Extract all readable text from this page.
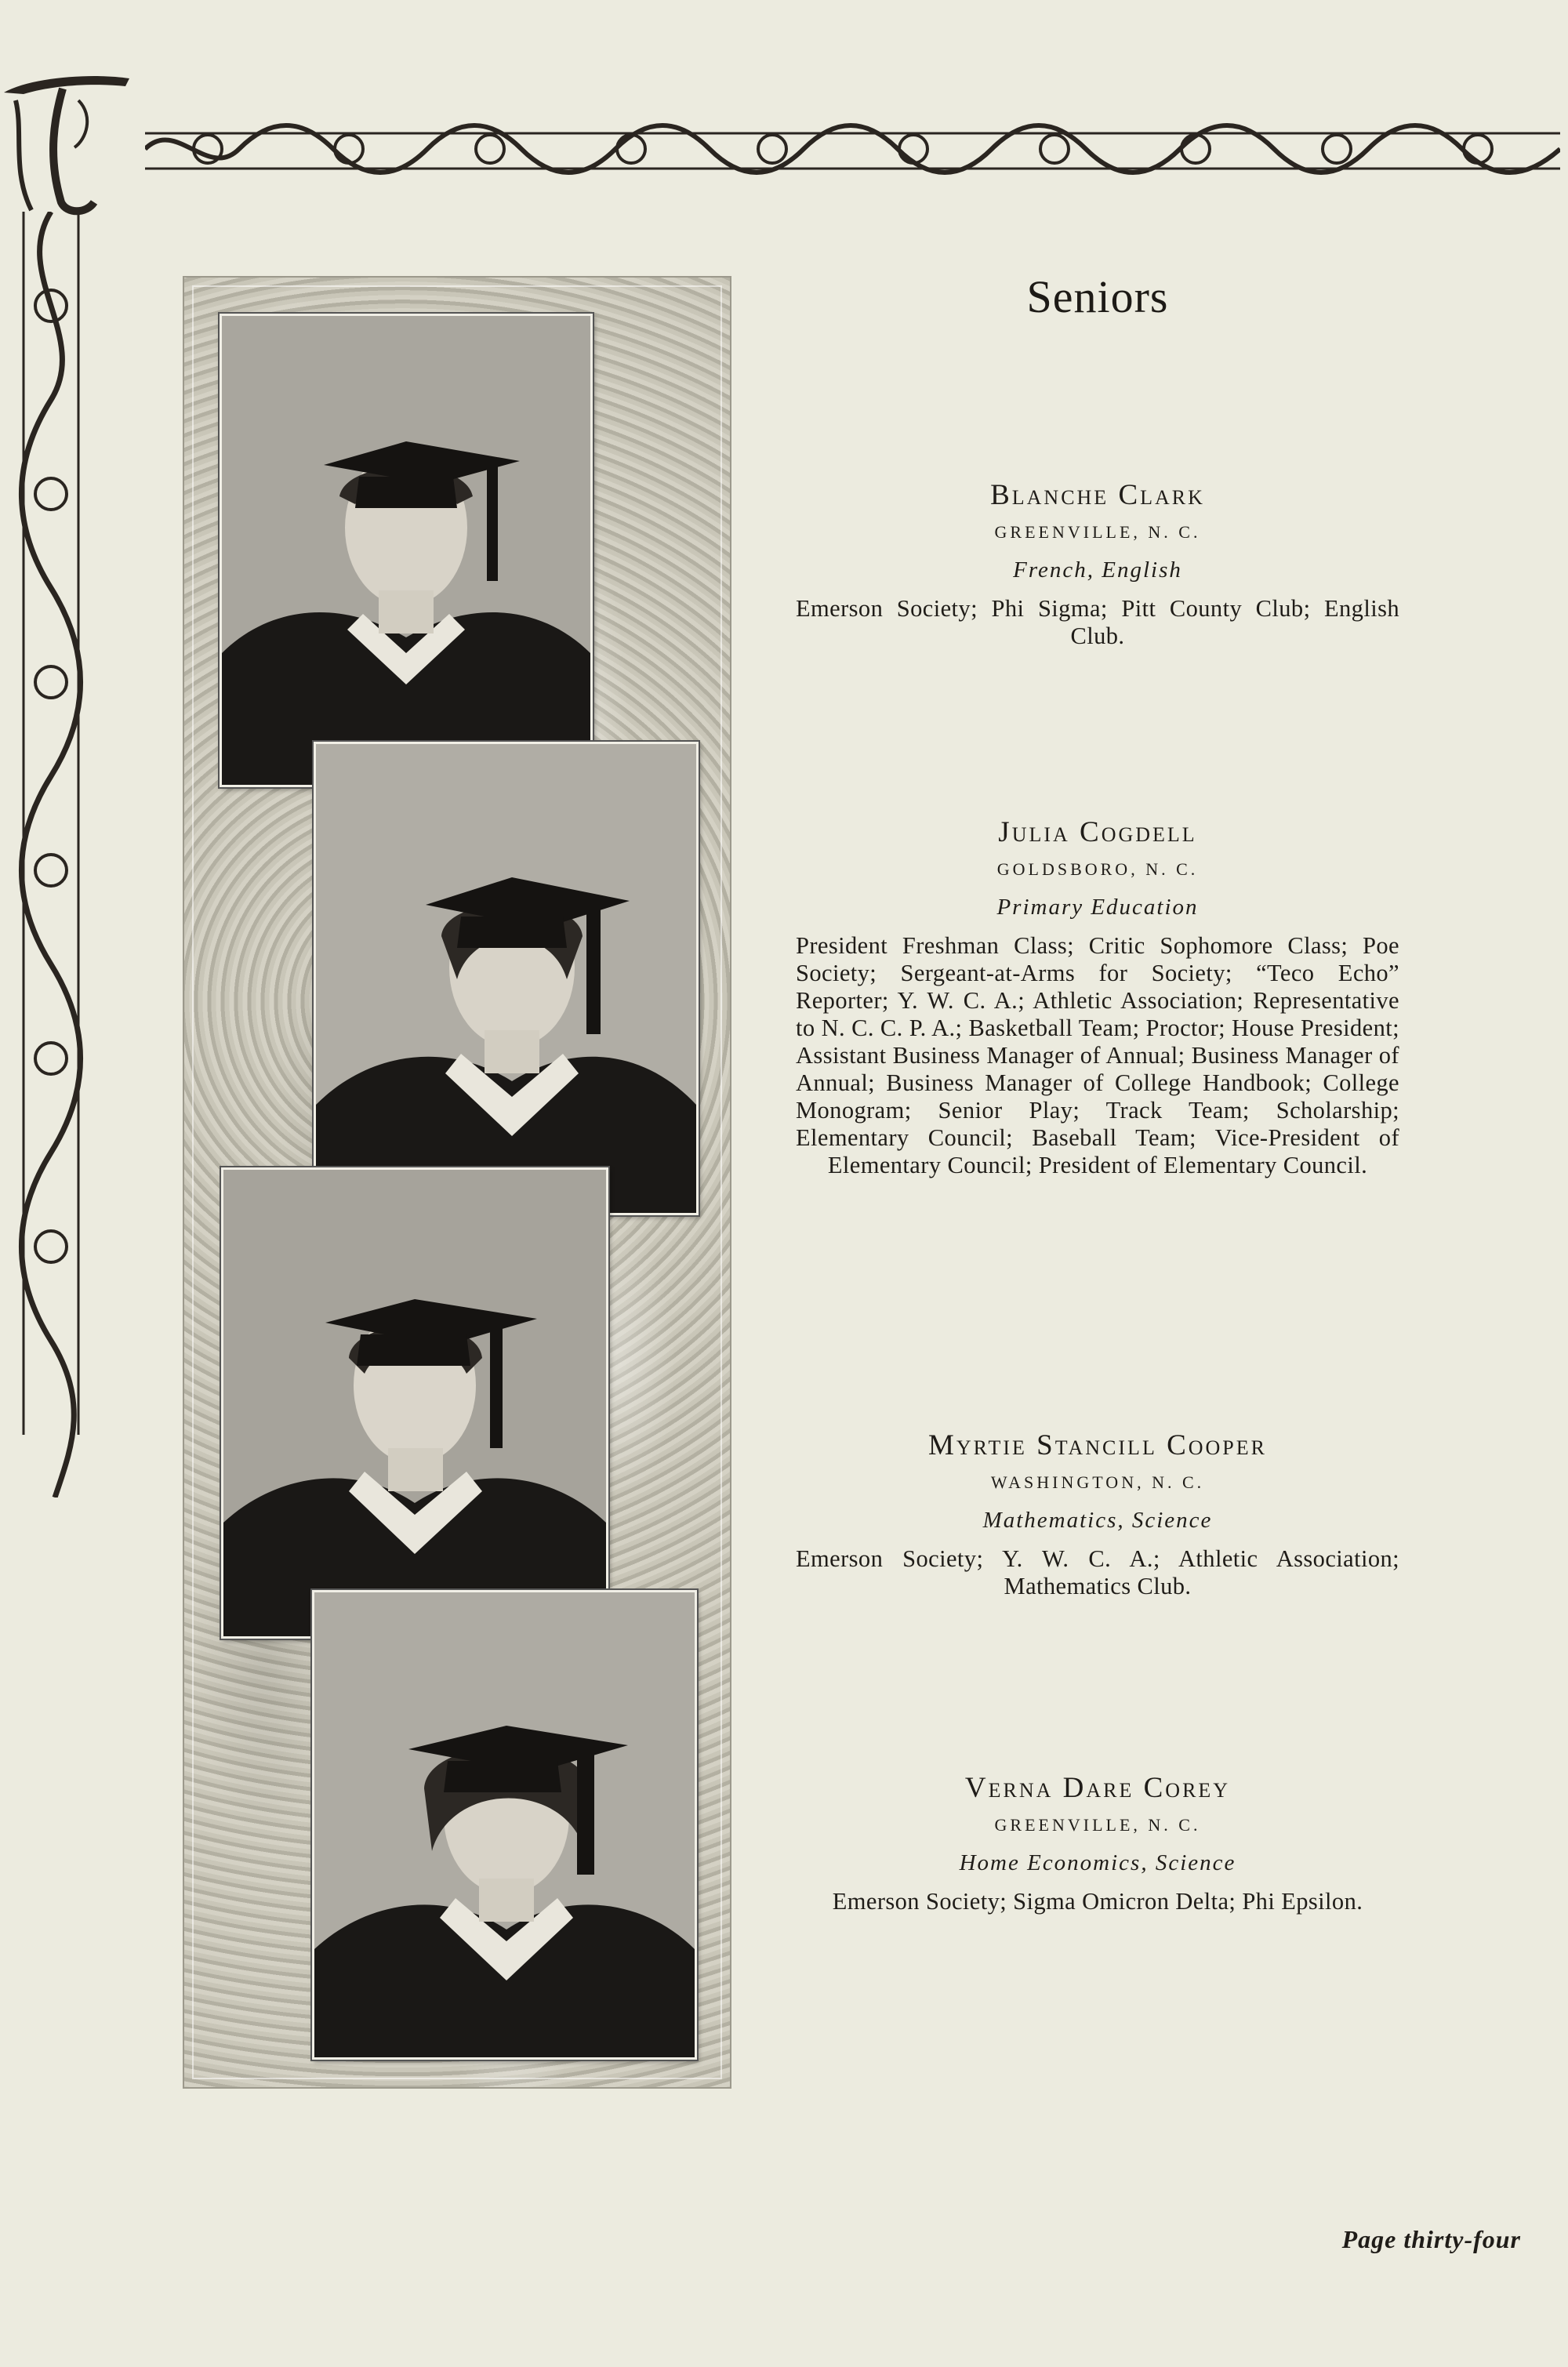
Seniors
Blanche Clark
GREENVILLE, N. C.
French, English
Emerson Society; Phi Sigma; Pitt County Club; English Club.
Julia Cogdell
GOLDSBORO, N. C.
Primary Education
President Freshman Class; Critic Sophomore Class; Poe Society; Sergeant-at-Arms for Society; “Teco Echo” Reporter; Y. W. C. A.; Athletic Association; Representative to N. C. C. P. A.; Basketball Team; Proctor; House President; Assistant Business Manager of Annual; Business Manager of Annual; Business Manager of College Handbook; College Monogram; Senior Play; Track Team; Scholarship; Elementary Council; Baseball Team; Vice-President of Elementary Council; President of Elementary Council.
Myrtie Stancill Cooper
WASHINGTON, N. C.
Mathematics, Science
Emerson Society; Y. W. C. A.; Athletic Association; Mathematics Club.
Verna Dare Corey
GREENVILLE, N. C.
Home Economics, Science
Emerson Society; Sigma Omicron Delta; Phi Epsilon.
Page thirty-four
